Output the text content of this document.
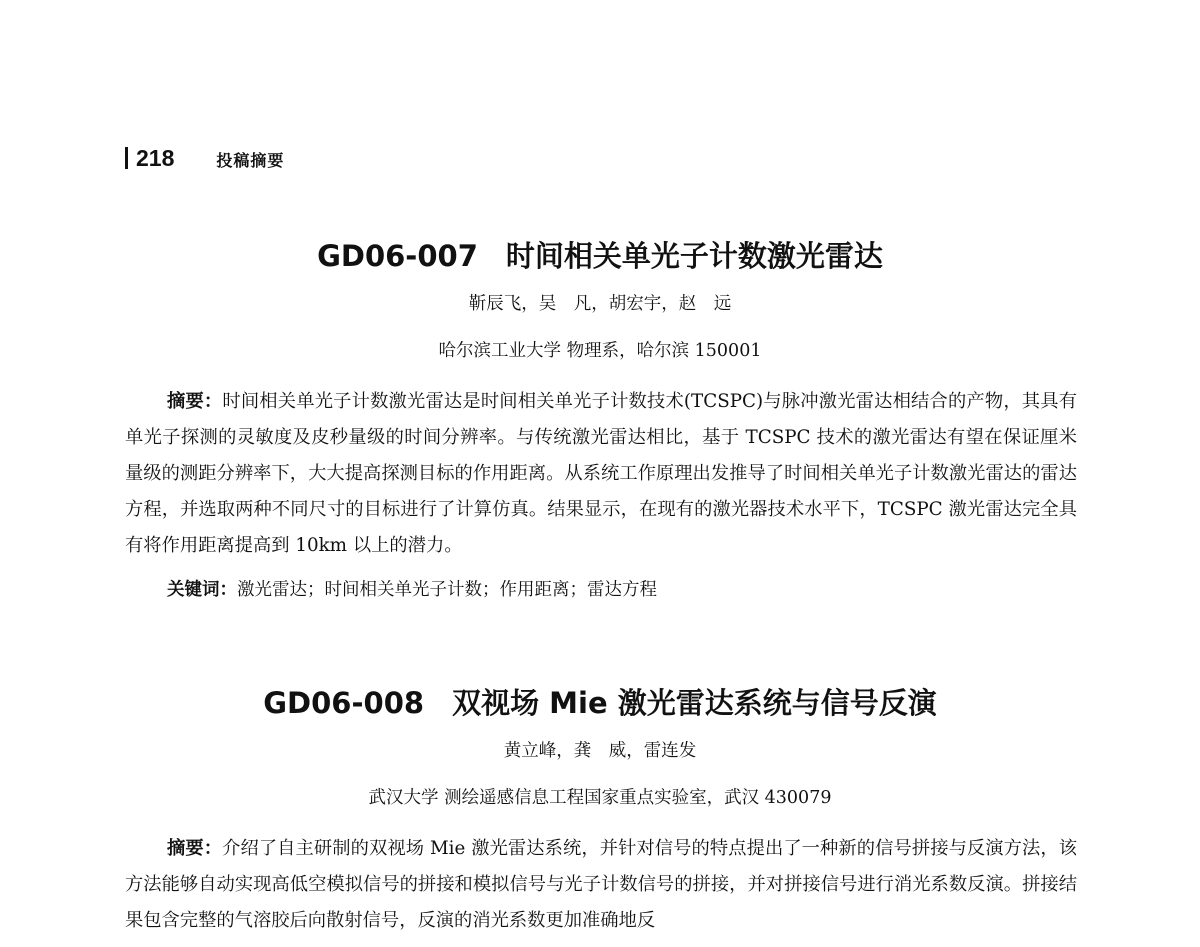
218	投稿摘要
GD06-007 时间相关单光子计数激光雷达
靳辰飞，吴　凡，胡宏宇，赵　远
哈尔滨工业大学 物理系，哈尔滨 150001

摘要：时间相关单光子计数激光雷达是时间相关单光子计数技术(TCSPC)与脉冲激光雷达相结合的产物，其具有单光子探测的灵敏度及皮秒量级的时间分辨率。与传统激光雷达相比，基于 TCSPC 技术的激光雷达有望在保证厘米量级的测距分辨率下，大大提高探测目标的作用距离。从系统工作原理出发推导了时间相关单光子计数激光雷达的雷达方程，并选取两种不同尺寸的目标进行了计算仿真。结果显示，在现有的激光器技术水平下，TCSPC 激光雷达完全具有将作用距离提高到 10km 以上的潜力。

关键词：激光雷达；时间相关单光子计数；作用距离；雷达方程
GD06-008 双视场 Mie 激光雷达系统与信号反演
黄立峰，龚　威，雷连发
武汉大学 测绘遥感信息工程国家重点实验室，武汉 430079

摘要：介绍了自主研制的双视场 Mie 激光雷达系统，并针对信号的特点提出了一种新的信号拼接与反演方法，该方法能够自动实现高低空模拟信号的拼接和模拟信号与光子计数信号的拼接，并对拼接信号进行消光系数反演。拼接结果包含完整的气溶胶后向散射信号，反演的消光系数更加准确地反
